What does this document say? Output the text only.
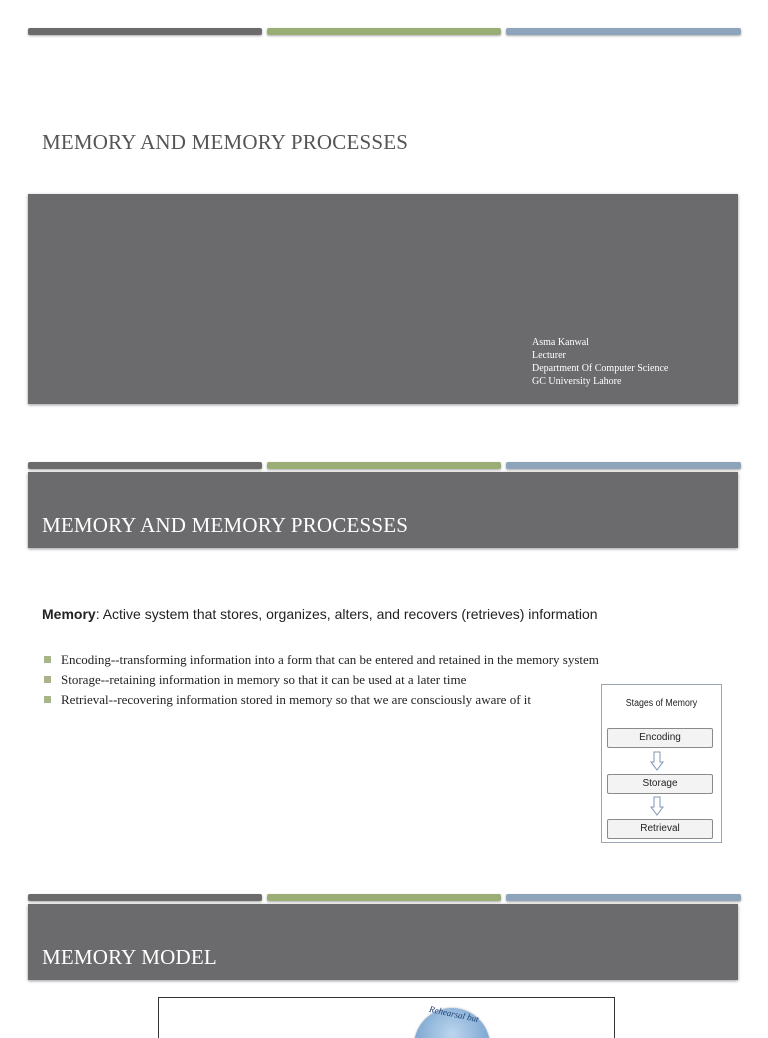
MEMORY AND MEMORY PROCESSES
Asma Kanwal
Lecturer
Department Of Computer Science
GC University Lahore
MEMORY AND MEMORY PROCESSES
Memory: Active system that stores, organizes, alters, and recovers (retrieves) information
Encoding--transforming information into a form that can be entered and retained in the memory system
Storage--retaining information in memory so that it can be used at a later time
Retrieval--recovering information stored in memory so that we are consciously aware of it	Stages of Memory
Encoding
Storage
Retrieval
MEMORY MODEL
Rehearsal but
